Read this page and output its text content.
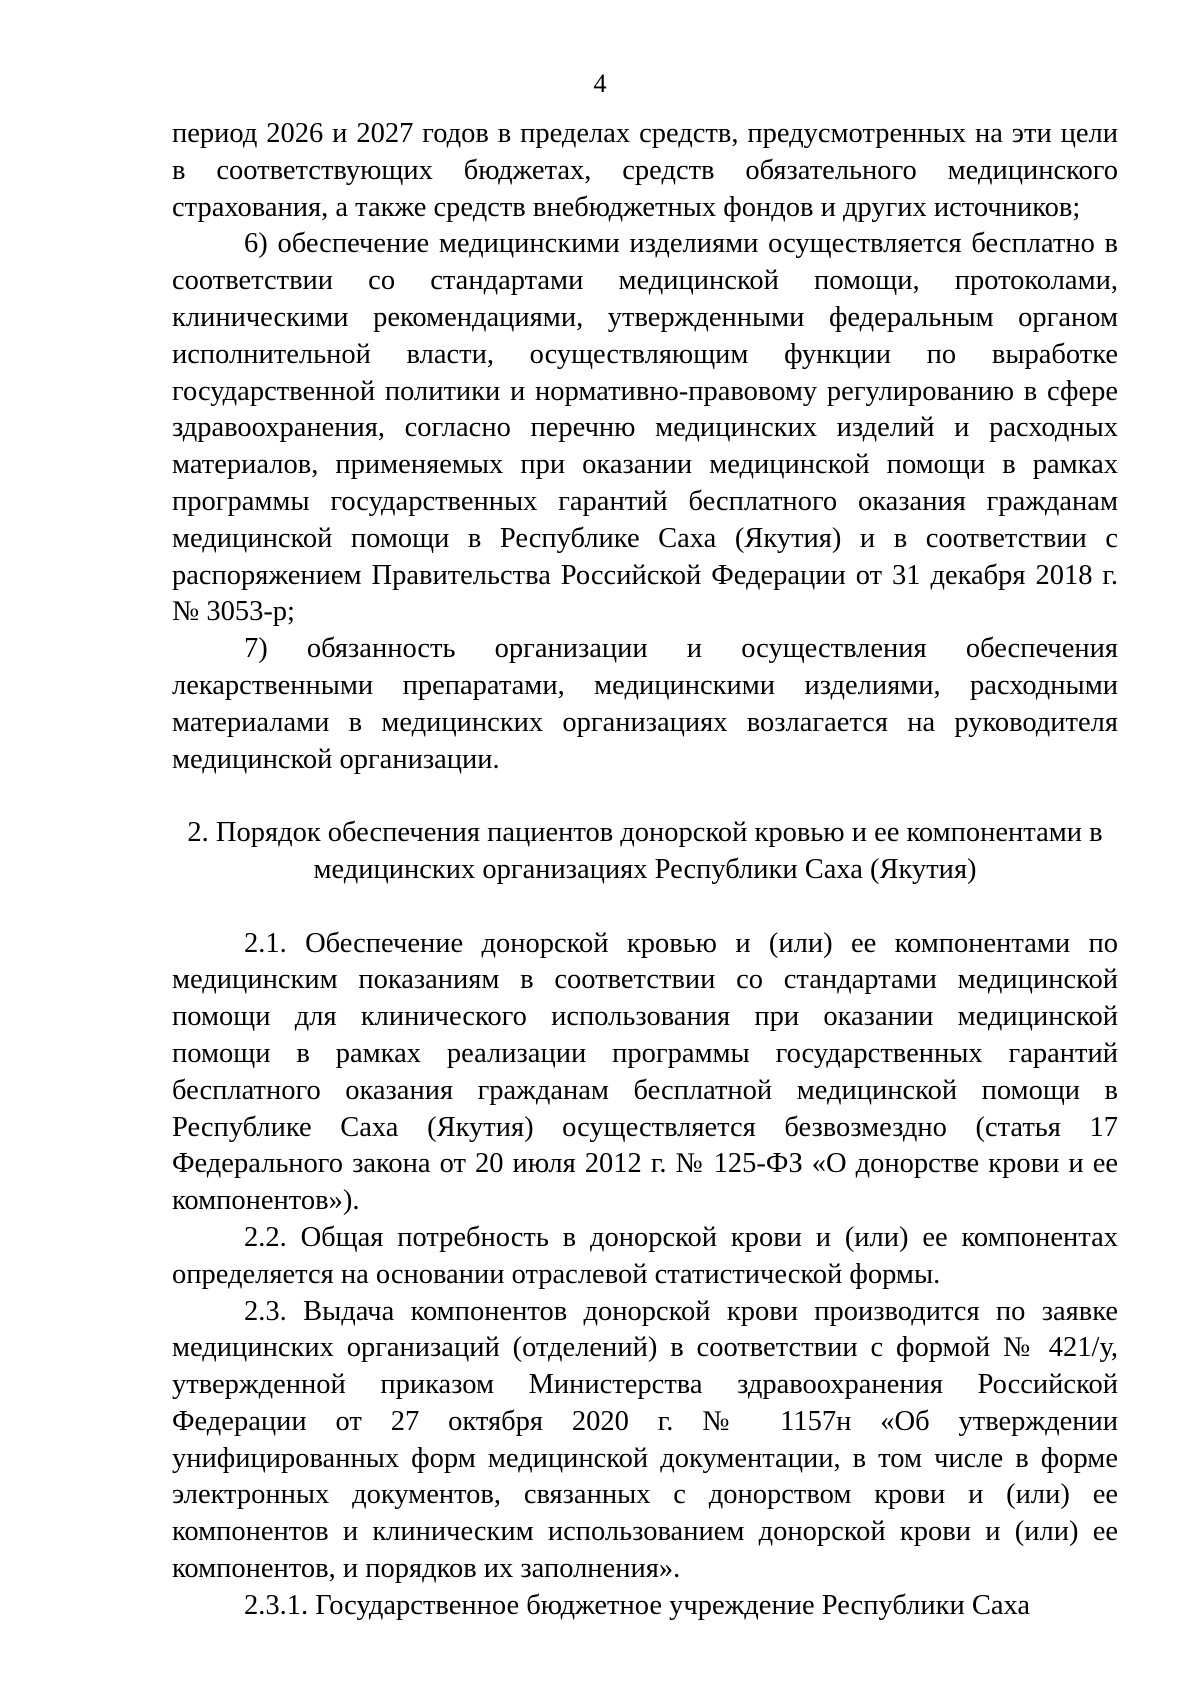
4

период 2026 и 2027 годов в пределах средств, предусмотренных на эти цели в соответствующих бюджетах, средств обязательного медицинского страхования, а также средств внебюджетных фондов и других источников;

6) обеспечение медицинскими изделиями осуществляется бесплатно в соответствии со стандартами медицинской помощи, протоколами, клиническими рекомендациями, утвержденными федеральным органом исполнительной власти, осуществляющим функции по выработке государственной политики и нормативно-правовому регулированию в сфере здравоохранения, согласно перечню медицинских изделий и расходных материалов, применяемых при оказании медицинской помощи в рамках программы государственных гарантий бесплатного оказания гражданам медицинской помощи в Республике Саха (Якутия) и в соответствии с распоряжением Правительства Российской Федерации от 31 декабря 2018 г. № 3053-р;

7) обязанность организации и осуществления обеспечения лекарственными препаратами, медицинскими изделиями, расходными материалами в медицинских организациях возлагается на руководителя медицинской организации.

2. Порядок обеспечения пациентов донорской кровью и ее компонентами в
медицинских организациях Республики Саха (Якутия)

2.1. Обеспечение донорской кровью и (или) ее компонентами по медицинским показаниям в соответствии со стандартами медицинской помощи для клинического использования при оказании медицинской помощи в рамках реализации программы государственных гарантий бесплатного оказания гражданам бесплатной медицинской помощи в Республике Саха (Якутия) осуществляется безвозмездно (статья 17 Федерального закона от 20 июля 2012 г. № 125-ФЗ «О донорстве крови и ее компонентов»).

2.2. Общая потребность в донорской крови и (или) ее компонентах определяется на основании отраслевой статистической формы.

2.3. Выдача компонентов донорской крови производится по заявке медицинских организаций (отделений) в соответствии с формой № 421/у, утвержденной приказом Министерства здравоохранения Российской Федерации от 27 октября 2020 г. № 1157н «Об утверждении унифицированных форм медицинской документации, в том числе в форме электронных документов, связанных с донорством крови и (или) ее компонентов и клиническим использованием донорской крови и (или) ее компонентов, и порядков их заполнения».

2.3.1. Государственное бюджетное учреждение Республики Саха
